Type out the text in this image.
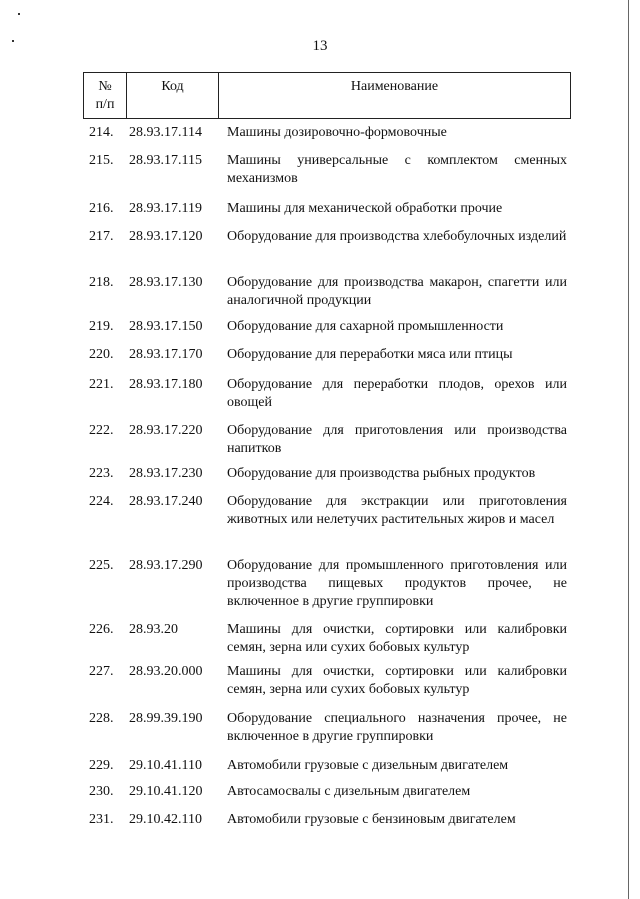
13
№
п/п
Код	Наименование
214.	28.93.17.114	Машины дозировочно-формовочные
215.	28.93.17.115	Машины универсальные с комплектом сменных механизмов
216.	28.93.17.119	Машины для механической обработки прочие
217.	28.93.17.120	Оборудование для производства хлебобулочных изделий
218.	28.93.17.130	Оборудование для производства макарон, спагетти или аналогичной продукции
219.	28.93.17.150	Оборудование для сахарной промышленности
220.	28.93.17.170	Оборудование для переработки мяса или птицы
221.	28.93.17.180	Оборудование для переработки плодов, орехов или овощей
222.	28.93.17.220	Оборудование для приготовления или производства напитков
223.	28.93.17.230	Оборудование для производства рыбных продуктов
224.	28.93.17.240	Оборудование для экстракции или приготовления животных или нелетучих растительных жиров и масел
225.	28.93.17.290	Оборудование для промышленного приготовления или производства пищевых продуктов прочее, не включенное в другие группировки
226.	28.93.20	Машины для очистки, сортировки или калибровки семян, зерна или сухих бобовых культур
227.	28.93.20.000	Машины для очистки, сортировки или калибровки семян, зерна или сухих бобовых культур
228.	28.99.39.190	Оборудование специального назначения прочее, не включенное в другие группировки
229.	29.10.41.110	Автомобили грузовые с дизельным двигателем
230.	29.10.41.120	Автосамосвалы с дизельным двигателем
231.	29.10.42.110	Автомобили грузовые с бензиновым двигателем
